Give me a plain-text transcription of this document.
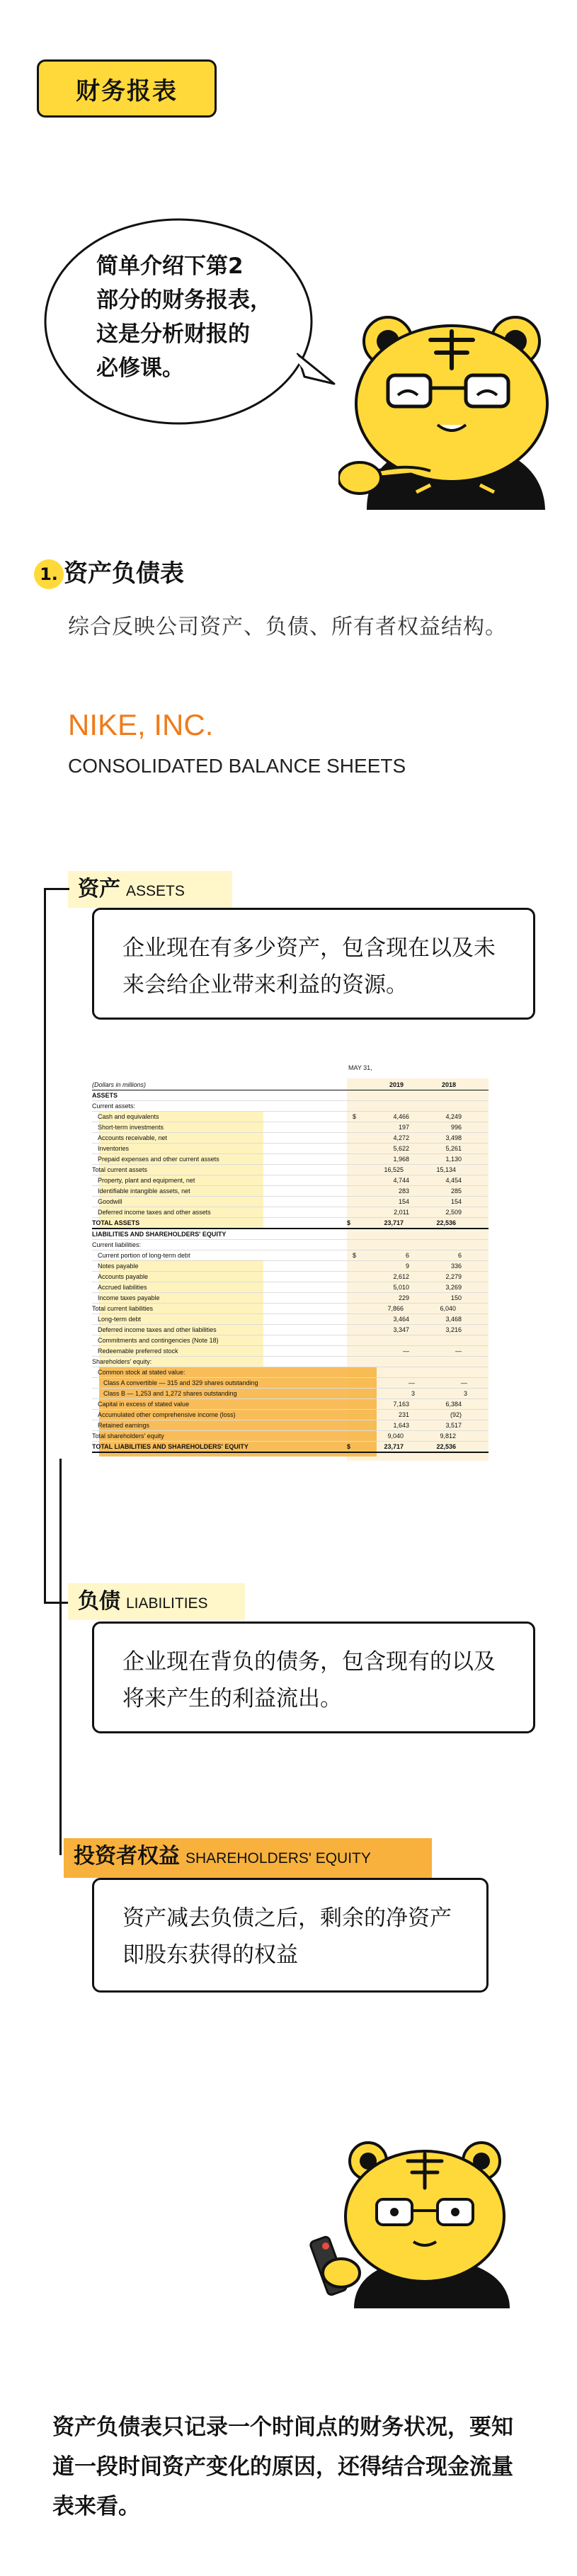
财务报表
简单介绍下第2
部分的财务报表，
这是分析财报的
必修课。
1. 资产负债表
综合反映公司资产、负债、所有者权益结构。
NIKE, INC.
CONSOLIDATED BALANCE SHEETS
资产 ASSETS
企业现在有多少资产，包含现在以及未来会给企业带来利益的资源。
MAY 31,
(Dollars in millions)	2019	2018
ASSETS
Current assets:
Cash and equivalents	$	4,466	4,249
Short-term investments	197	996
Accounts receivable, net	4,272	3,498
Inventories	5,622	5,261
Prepaid expenses and other current assets	1,968	1,130
Total current assets	16,525	15,134
Property, plant and equipment, net	4,744	4,454
Identifiable intangible assets, net	283	285
Goodwill	154	154
Deferred income taxes and other assets	2,011	2,509
TOTAL ASSETS	$	23,717	22,536
LIABILITIES AND SHAREHOLDERS' EQUITY
Current liabilities:
Current portion of long-term debt	$	6	6
Notes payable	9	336
Accounts payable	2,612	2,279
Accrued liabilities	5,010	3,269
Income taxes payable	229	150
Total current liabilities	7,866	6,040
Long-term debt	3,464	3,468
Deferred income taxes and other liabilities	3,347	3,216
Commitments and contingencies (Note 18)
Redeemable preferred stock	—	—
Shareholders' equity:
Common stock at stated value:
Class A convertible — 315 and 329 shares outstanding	—	—
Class B — 1,253 and 1,272 shares outstanding	3	3
Capital in excess of stated value	7,163	6,384
Accumulated other comprehensive income (loss)	231	(92)
Retained earnings	1,643	3,517
Total shareholders' equity	9,040	9,812
TOTAL LIABILITIES AND SHAREHOLDERS' EQUITY	$	23,717	22,536
负债 LIABILITIES
企业现在背负的债务，包含现有的以及将来产生的利益流出。
投资者权益 SHAREHOLDERS' EQUITY
资产减去负债之后，剩余的净资产即股东获得的权益
资产负债表只记录一个时间点的财务状况，要知道一段时间资产变化的原因，还得结合现金流量表来看。
